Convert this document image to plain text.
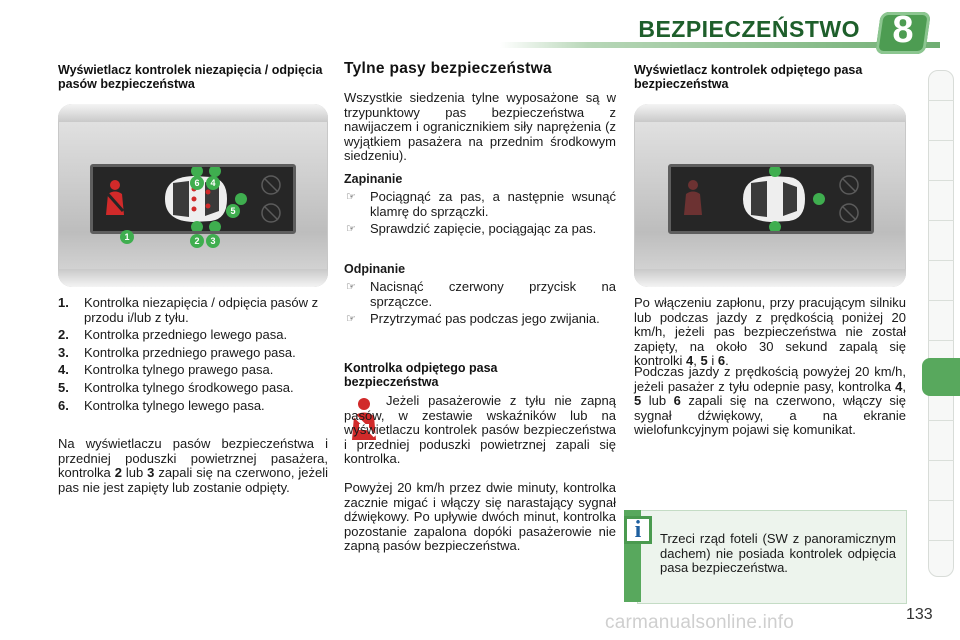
BEZPIECZEŃSTWO 8
Wyświetlacz kontrolek niezapięcia / odpięcia pasów bezpieczeństwa
1	2	3
4
5
6
1.	Kontrolka niezapięcia / odpięcia pasów z przodu i/lub z tyłu.
2.	Kontrolka przedniego lewego pasa.
3.	Kontrolka przedniego prawego pasa.
4.	Kontrolka tylnego prawego pasa.
5.	Kontrolka tylnego środkowego pasa.
6.	Kontrolka tylnego lewego pasa.
Na wyświetlaczu pasów bezpieczeństwa i przedniej poduszki powietrznej pasażera, kontrolka 2 lub 3 zapali się na czerwono, jeżeli pas nie jest zapięty lub zostanie odpięty.
Tylne pasy bezpieczeństwa
Wszystkie siedzenia tylne wyposażone są w trzypunktowy pas bezpieczeństwa z nawijaczem i ogranicznikiem siły naprężenia (z wyjątkiem pasażera na przednim środkowym siedzeniu).
Zapinanie
☞	Pociągnąć za pas, a następnie wsunąć klamrę do sprzączki.
☞	Sprawdzić zapięcie, pociągając za pas.
Odpinanie
☞	Nacisnąć czerwony przycisk na sprzączce.
☞	Przytrzymać pas podczas jego zwijania.
Kontrolka odpiętego pasa bezpieczeństwa
Jeżeli pasażerowie z tyłu nie zapną pasów, w zestawie wskaźników lub na wyświetlaczu kontrolek pasów bezpieczeństwa i przedniej poduszki powietrznej zapali się kontrolka.
Powyżej 20 km/h przez dwie minuty, kontrolka zacznie migać i włączy się narastający sygnał dźwiękowy. Po upływie dwóch minut, kontrolka pozostanie zapalona dopóki pasażerowie nie zapną pasów bezpieczeństwa.
Wyświetlacz kontrolek odpiętego pasa bezpieczeństwa
Po włączeniu zapłonu, przy pracującym silniku lub podczas jazdy z prędkością poniżej 20 km/h, jeżeli pas bezpieczeństwa nie został zapięty, na około 30 sekund zapalą się kontrolki 4, 5 i 6.
Podczas jazdy z prędkością powyżej 20 km/h, jeżeli pasażer z tyłu odepnie pasy, kontrolka 4, 5 lub 6 zapali się na czerwono, włączy się sygnał dźwiękowy, a na ekranie wielofunkcyjnym pojawi się komunikat.
i	Trzeci rząd foteli (SW z panoramicznym dachem) nie posiada kontrolek odpięcia pasa bezpieczeństwa.
carmanualsonline.info	133
